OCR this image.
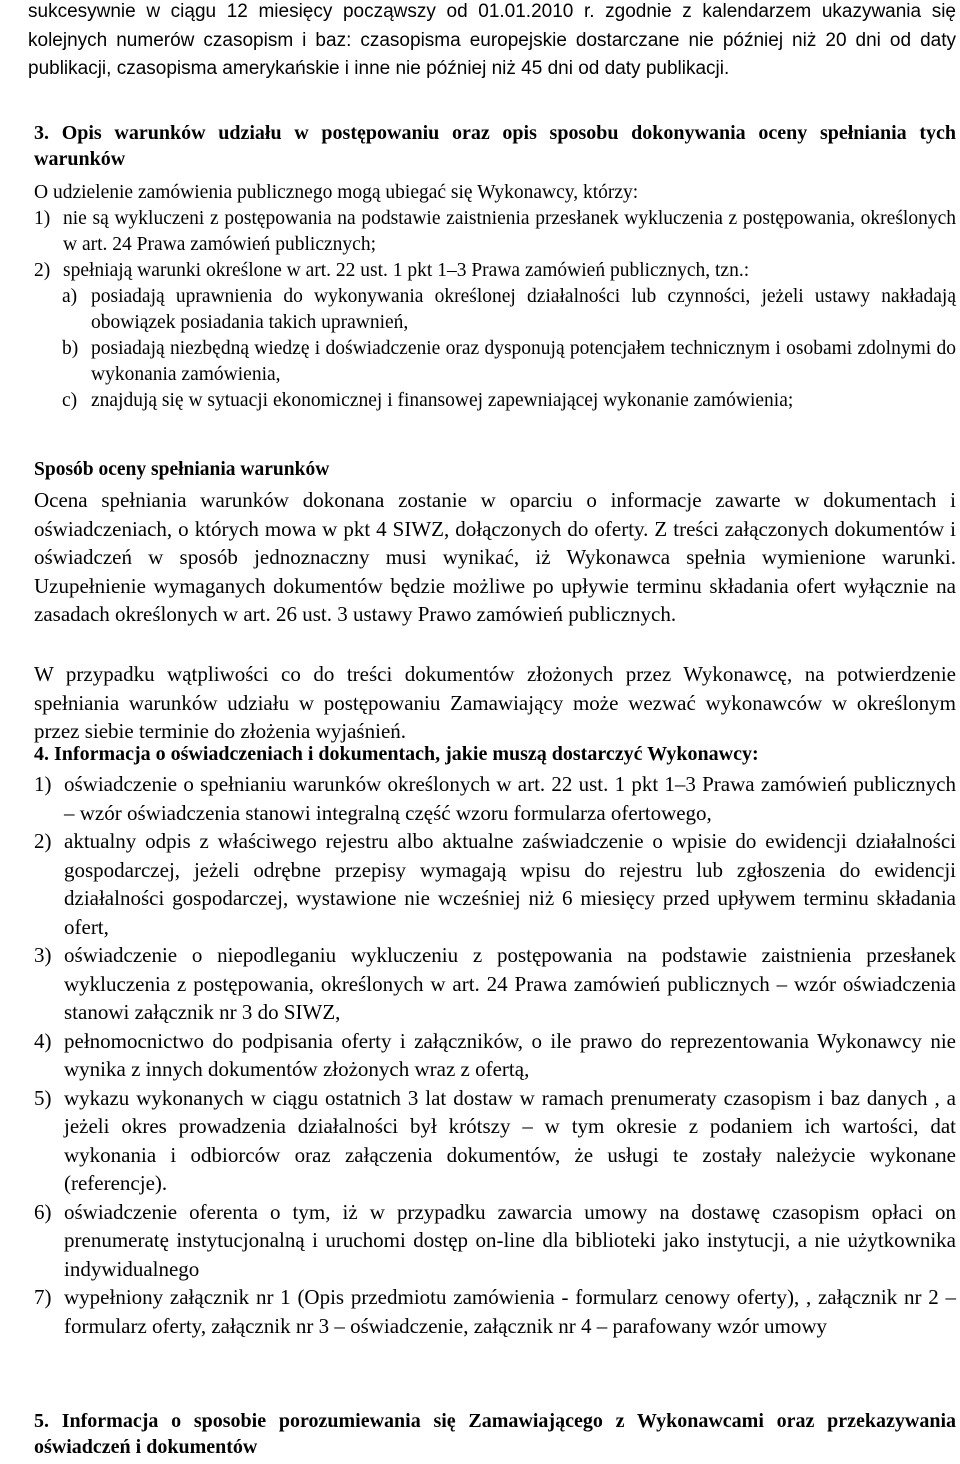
sukcesywnie w ciągu 12 miesięcy począwszy od 01.01.2010 r. zgodnie z kalendarzem ukazywania się kolejnych numerów czasopism i baz: czasopisma europejskie dostarczane nie później niż 20 dni od daty publikacji, czasopisma amerykańskie i inne nie później niż 45 dni od daty publikacji.

3. Opis warunków udziału w postępowaniu oraz opis sposobu dokonywania oceny spełniania tych warunków

O udzielenie zamówienia publicznego mogą ubiegać się Wykonawcy, którzy:

1) nie są wykluczeni z postępowania na podstawie zaistnienia przesłanek wykluczenia z postępowania, określonych w art. 24 Prawa zamówień publicznych;
2) spełniają warunki określone w art. 22 ust. 1 pkt 1–3 Prawa zamówień publicznych, tzn.:
a) posiadają uprawnienia do wykonywania określonej działalności lub czynności, jeżeli ustawy nakładają obowiązek posiadania takich uprawnień,
b) posiadają niezbędną wiedzę i doświadczenie oraz dysponują potencjałem technicznym i osobami zdolnymi do wykonania zamówienia,
c) znajdują się w sytuacji ekonomicznej i finansowej zapewniającej wykonanie zamówienia;
Sposób oceny spełniania warunków

Ocena spełniania warunków dokonana zostanie w oparciu o informacje zawarte w dokumentach i oświadczeniach, o których mowa w pkt 4 SIWZ, dołączonych do oferty. Z treści załączonych dokumentów i oświadczeń w sposób jednoznaczny musi wynikać, iż Wykonawca spełnia wymienione warunki. Uzupełnienie wymaganych dokumentów będzie możliwe po upływie terminu składania ofert wyłącznie na zasadach określonych w art. 26 ust. 3 ustawy Prawo zamówień publicznych.

W przypadku wątpliwości co do treści dokumentów złożonych przez Wykonawcę, na potwierdzenie spełniania warunków udziału w postępowaniu Zamawiający może wezwać wykonawców w określonym przez siebie terminie do złożenia wyjaśnień.

4. Informacja o oświadczeniach i dokumentach, jakie muszą dostarczyć Wykonawcy:
1) oświadczenie o spełnianiu warunków określonych w art. 22 ust. 1 pkt 1–3 Prawa zamówień publicznych – wzór oświadczenia stanowi integralną część wzoru formularza ofertowego,
2) aktualny odpis z właściwego rejestru albo aktualne zaświadczenie o wpisie do ewidencji działalności gospodarczej, jeżeli odrębne przepisy wymagają wpisu do rejestru lub zgłoszenia do ewidencji działalności gospodarczej, wystawione nie wcześniej niż 6 miesięcy przed upływem terminu składania ofert,
3) oświadczenie o niepodleganiu wykluczeniu z postępowania na podstawie zaistnienia przesłanek wykluczenia z postępowania, określonych w art. 24 Prawa zamówień publicznych – wzór oświadczenia stanowi załącznik nr 3 do SIWZ,
4) pełnomocnictwo do podpisania oferty i załączników, o ile prawo do reprezentowania Wykonawcy nie wynika z innych dokumentów złożonych wraz z ofertą,
5) wykazu wykonanych w ciągu ostatnich 3 lat dostaw w ramach prenumeraty czasopism i baz danych , a jeżeli okres prowadzenia działalności był krótszy – w tym okresie z podaniem ich wartości, dat wykonania i odbiorców oraz załączenia dokumentów, że usługi te zostały należycie wykonane (referencje).
6) oświadczenie oferenta o tym, iż w przypadku zawarcia umowy na dostawę czasopism opłaci on prenumeratę instytucjonalną i uruchomi dostęp on-line dla biblioteki jako instytucji, a nie użytkownika indywidualnego
7) wypełniony załącznik nr 1 (Opis przedmiotu zamówienia - formularz cenowy oferty), , załącznik nr 2 – formularz oferty, załącznik nr 3 – oświadczenie, załącznik nr 4 – parafowany wzór umowy
5. Informacja o sposobie porozumiewania się Zamawiającego z Wykonawcami oraz przekazywania oświadczeń i dokumentów
